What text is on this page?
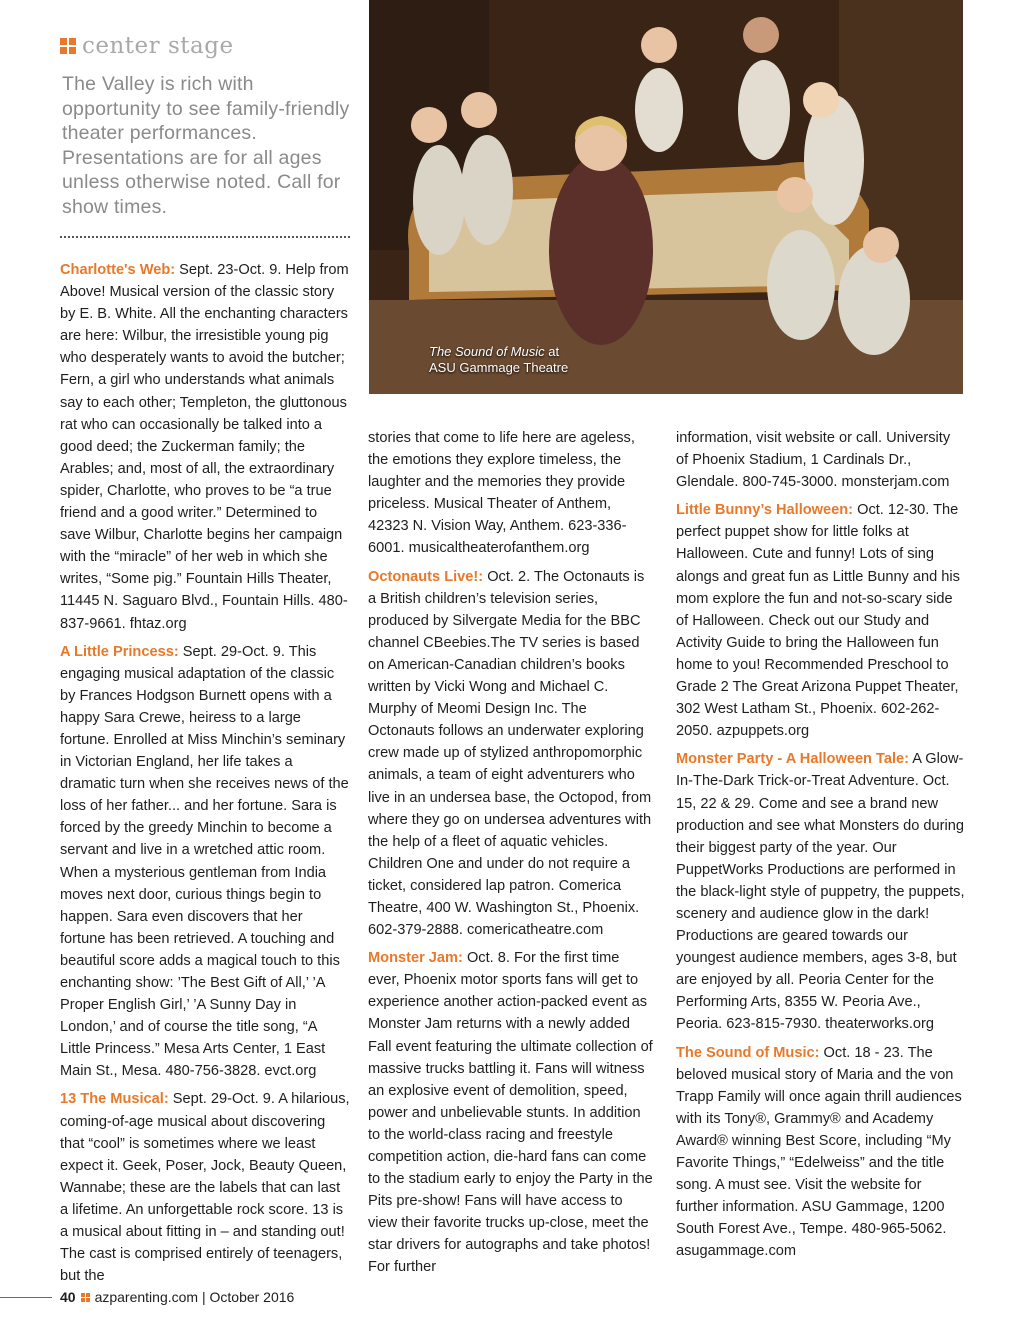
center stage

The Valley is rich with opportunity to see family-friendly theater performances. Presentations are for all ages unless otherwise noted. Call for show times.

The Sound of Music at
ASU Gammage Theatre

Charlotte's Web: Sept. 23-Oct. 9. Help from Above! Musical version of the classic story by E. B. White. All the enchanting characters are here: Wilbur, the irresistible young pig who desperately wants to avoid the butcher; Fern, a girl who understands what animals say to each other; Templeton, the gluttonous rat who can occasionally be talked into a good deed; the Zuckerman family; the Arables; and, most of all, the extraordinary spider, Charlotte, who proves to be “a true friend and a good writer.” Determined to save Wilbur, Charlotte begins her campaign with the “miracle” of her web in which she writes, “Some pig.” Fountain Hills Theater, 11445 N. Saguaro Blvd., Fountain Hills. 480-837-9661. fhtaz.org

A Little Princess: Sept. 29-Oct. 9. This engaging musical adaptation of the classic by Frances Hodgson Burnett opens with a happy Sara Crewe, heiress to a large fortune. Enrolled at Miss Minchin’s seminary in Victorian England, her life takes a dramatic turn when she receives news of the loss of her father... and her fortune. Sara is forced by the greedy Minchin to become a servant and live in a wretched attic room. When a mysterious gentleman from India moves next door, curious things begin to happen. Sara even discovers that her fortune has been retrieved. A touching and beautiful score adds a magical touch to this enchanting show: ’The Best Gift of All,’ ’A Proper English Girl,’ ’A Sunny Day in London,’ and of course the title song, “A Little Princess.” Mesa Arts Center, 1 East Main St., Mesa. 480-756-3828. evct.org

13 The Musical: Sept. 29-Oct. 9. A hilarious, coming-of-age musical about discovering that “cool” is sometimes where we least expect it. Geek, Poser, Jock, Beauty Queen, Wannabe; these are the labels that can last a lifetime. An unforgettable rock score. 13 is a musical about fitting in – and standing out! The cast is comprised entirely of teenagers, but the

stories that come to life here are ageless, the emotions they explore timeless, the laughter and the memories they provide priceless. Musical Theater of Anthem, 42323 N. Vision Way, Anthem. 623-336-6001. musicaltheaterofanthem.org

Octonauts Live!: Oct. 2. The Octonauts is a British children’s television series, produced by Silvergate Media for the BBC channel CBeebies.The TV series is based on American-Canadian children’s books written by Vicki Wong and Michael C. Murphy of Meomi Design Inc. The Octonauts follows an underwater exploring crew made up of stylized anthropomorphic animals, a team of eight adventurers who live in an undersea base, the Octopod, from where they go on undersea adventures with the help of a fleet of aquatic vehicles. Children One and under do not require a ticket, considered lap patron. Comerica Theatre, 400 W. Washington St., Phoenix. 602-379-2888. comericatheatre.com

Monster Jam: Oct. 8. For the first time ever, Phoenix motor sports fans will get to experience another action-packed event as Monster Jam returns with a newly added Fall event featuring the ultimate collection of massive trucks battling it. Fans will witness an explosive event of demolition, speed, power and unbelievable stunts. In addition to the world-class racing and freestyle competition action, die-hard fans can come to the stadium early to enjoy the Party in the Pits pre-show! Fans will have access to view their favorite trucks up-close, meet the star drivers for autographs and take photos! For further

information, visit website or call. University of Phoenix Stadium, 1 Cardinals Dr., Glendale. 800-745-3000. monsterjam.com

Little Bunny’s Halloween: Oct. 12-30. The perfect puppet show for little folks at Halloween. Cute and funny! Lots of sing alongs and great fun as Little Bunny and his mom explore the fun and not-so-scary side of Halloween. Check out our Study and Activity Guide to bring the Halloween fun home to you! Recommended Preschool to Grade 2 The Great Arizona Puppet Theater, 302 West Latham St., Phoenix. 602-262-2050. azpuppets.org

Monster Party - A Halloween Tale: A Glow-In-The-Dark Trick-or-Treat Adventure. Oct. 15, 22 & 29. Come and see a brand new production and see what Monsters do during their biggest party of the year. Our PuppetWorks Productions are performed in the black-light style of puppetry, the puppets, scenery and audience glow in the dark! Productions are geared towards our youngest audience members, ages 3-8, but are enjoyed by all. Peoria Center for the Performing Arts, 8355 W. Peoria Ave., Peoria. 623-815-7930. theaterworks.org

The Sound of Music: Oct. 18 - 23. The beloved musical story of Maria and the von Trapp Family will once again thrill audiences with its Tony®, Grammy® and Academy Award® winning Best Score, including “My Favorite Things,” “Edelweiss” and the title song. A must see. Visit the website for further information. ASU Gammage, 1200 South Forest Ave., Tempe. 480-965-5062. asugammage.com

40 azparenting.com | October 2016
